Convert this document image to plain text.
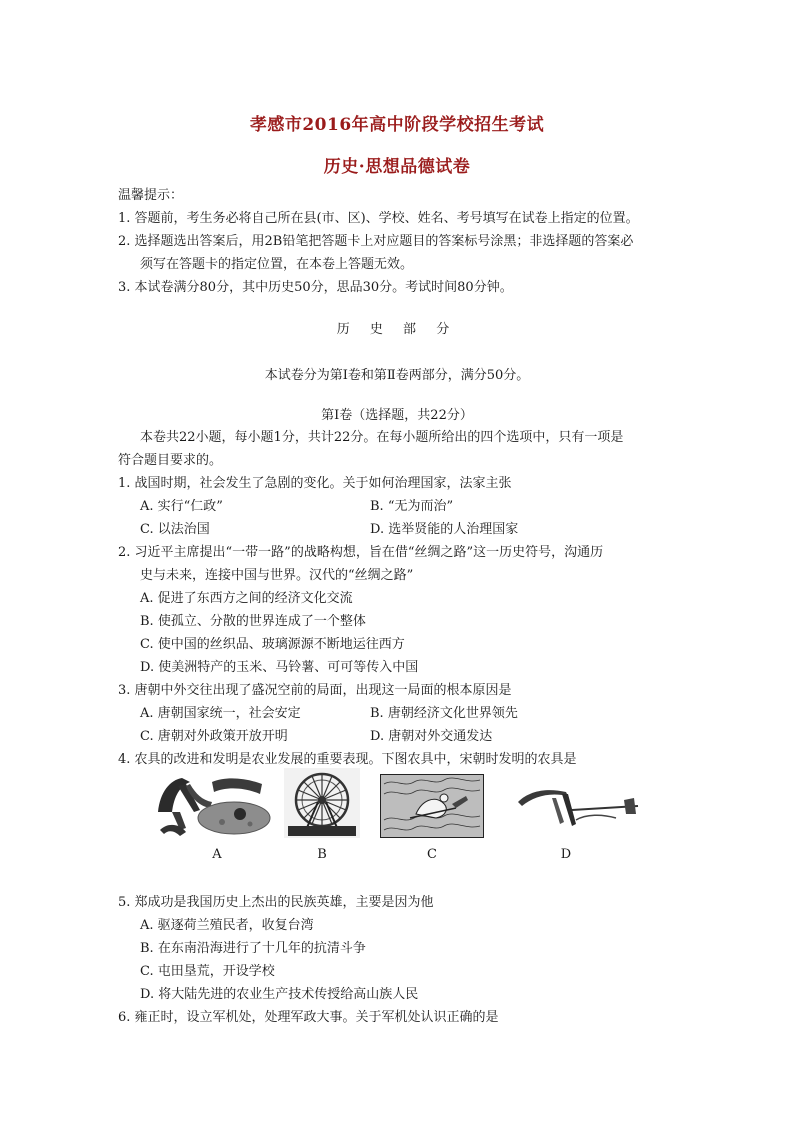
孝感市2016年高中阶段学校招生考试
历史·思想品德试卷
温馨提示：
1. 答题前，考生务必将自己所在县(市、区)、学校、姓名、考号填写在试卷上指定的位置。
2. 选择题选出答案后，用2B铅笔把答题卡上对应题目的答案标号涂黑；非选择题的答案必
须写在答题卡的指定位置，在本卷上答题无效。
3. 本试卷满分80分，其中历史50分，思品30分。考试时间80分钟。
历 史 部 分
本试卷分为第Ⅰ卷和第Ⅱ卷两部分，满分50分。
第Ⅰ卷（选择题，共22分）
本卷共22小题，每小题1分，共计22分。在每小题所给出的四个选项中，只有一项是
符合题目要求的。
1. 战国时期，社会发生了急剧的变化。关于如何治理国家，法家主张
A. 实行“仁政”	B. “无为而治”
C. 以法治国	D. 选举贤能的人治理国家
2. 习近平主席提出“一带一路”的战略构想，旨在借“丝绸之路”这一历史符号，沟通历
史与未来，连接中国与世界。汉代的“丝绸之路”
A. 促进了东西方之间的经济文化交流
B. 使孤立、分散的世界连成了一个整体
C. 使中国的丝织品、玻璃源源不断地运往西方
D. 使美洲特产的玉米、马铃薯、可可等传入中国
3. 唐朝中外交往出现了盛况空前的局面，出现这一局面的根本原因是
A. 唐朝国家统一，社会安定	B. 唐朝经济文化世界领先
C. 唐朝对外政策开放开明	D. 唐朝对外交通发达
4. 农具的改进和发明是农业发展的重要表现。下图农具中，宋朝时发明的农具是
A	B	C	D
5. 郑成功是我国历史上杰出的民族英雄，主要是因为他
A. 驱逐荷兰殖民者，收复台湾
B. 在东南沿海进行了十几年的抗清斗争
C. 屯田垦荒，开设学校
D. 将大陆先进的农业生产技术传授给高山族人民
6. 雍正时，设立军机处，处理军政大事。关于军机处认识正确的是
